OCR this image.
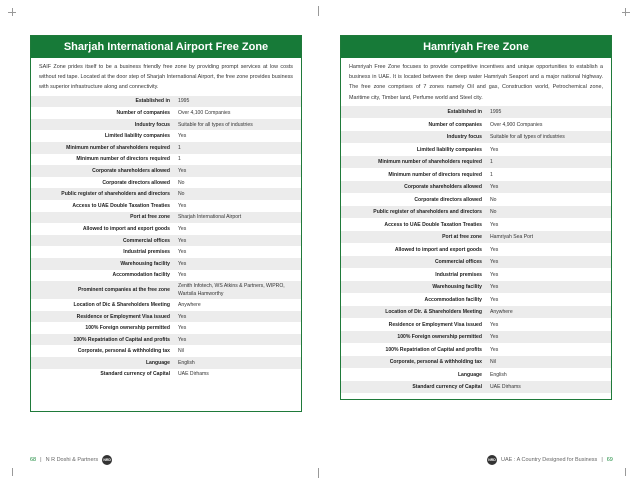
Sharjah International Airport Free Zone
SAIF Zone prides itself to be a business friendly free zone by providing prompt services at low costs without red tape. Located at the door step of Sharjah International Airport, the free zone provides business with superior infrastructure along and connectivity.
Established in	1995
Number of companies	Over 4,100 Companies
Industry focus	Suitable for all types of industries
Limited liability companies	Yes
Minimum number of shareholders required	1
Minimum number of directors required	1
Corporate shareholders allowed	Yes
Corporate directors allowed	No
Public register of shareholders and directors	No
Access to UAE Double Taxation Treaties	Yes
Port at free zone	Sharjah International Airport
Allowed to import and export goods	Yes
Commercial offices	Yes
Industrial premises	Yes
Warehousing facility	Yes
Accommodation facility	Yes
Prominent companies at the free zone	Zenith Infotech, WS Atkins & Partners, WIPRO, Wartsila Hamworthy
Location of Dic & Shareholders Meeting	Anywhere
Residence or Employment Visa issued	Yes
100% Foreign ownership permitted	Yes
100% Repatriation of Capital and profits	Yes
Corporate, personal & withholding tax	Nil
Language	English
Standard currency of Capital	UAE Dirhams
Hamriyah Free Zone
Hamriyah Free Zone focuses to provide competitive incentives and unique opportunities to establish a business in UAE. It is located between the deep water Hamriyah Seaport and a major national highway. The free zone comprises of 7 zones namely Oil and gas, Construction world, Petrochemical zone, Maritime city, Timber land, Perfume world and Steel city.
Established in	1995
Number of companies	Over 4,900 Companies
Industry focus	Suitable for all types of industries
Limited liability companies	Yes
Minimum number of shareholders required	1
Minimum number of directors required	1
Corporate shareholders allowed	Yes
Corporate directors allowed	No
Public register of shareholders and directors	No
Access to UAE Double Taxation Treaties	Yes
Port at free zone	Hamriyah Sea Port
Allowed to import and export goods	Yes
Commercial offices	Yes
Industrial premises	Yes
Warehousing facility	Yes
Accommodation facility	Yes
Location of Dir. & Shareholders Meeting	Anywhere
Residence or Employment Visa issued	Yes
100% Foreign ownership permitted	Yes
100% Repatriation of Capital and profits	Yes
Corporate, personal & withholding tax	Nil
Language	English
Standard currency of Capital	UAE Dirhams
68 | N R Doshi & Partners	NRD	NRD UAE : A Country Designed for Business | 69
